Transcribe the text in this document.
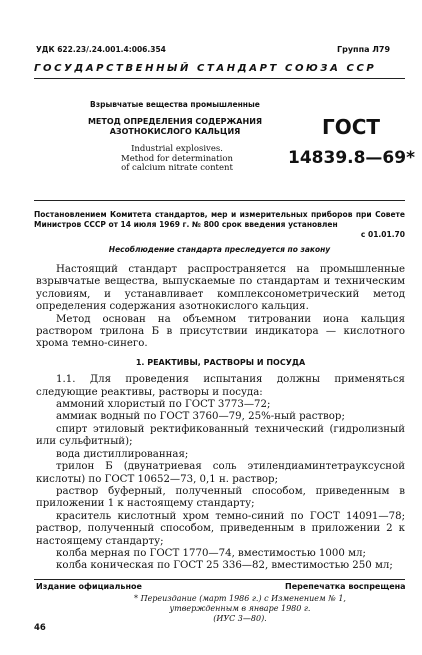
УДК 622.23/.24.001.4:006.354	Группа Л79
ГОСУДАРСТВЕННЫЙ СТАНДАРТ СОЮЗА ССР
Взрывчатые вещества промышленные
МЕТОД ОПРЕДЕЛЕНИЯ СОДЕРЖАНИЯ АЗОТНОКИСЛОГО КАЛЬЦИЯ
Industrial explosives. Method for determination of calcium nitrate content
ГОСТ
14839.8—69*
Постановлением Комитета стандартов, мер и измерительных приборов при Совете Министров СССР от 14 июля 1969 г. № 800 срок введения установлен
с 01.01.70
Несоблюдение стандарта преследуется по закону

Настоящий стандарт распространяется на промышленные взрывчатые вещества, выпускаемые по стандартам и техническим условиям, и устанавливает комплексонометрический метод определения содержания азотнокислого кальция.

Метод основан на объемном титровании иона кальция раствором трилона Б в присутствии индикатора — кислотного хрома темно-синего.

1. РЕАКТИВЫ, РАСТВОРЫ И ПОСУДА

1.1. Для проведения испытания должны применяться следующие реактивы, растворы и посуда:

аммоний хлористый по ГОСТ 3773—72;

аммиак водный по ГОСТ 3760—79, 25%-ный раствор;

спирт этиловый ректификованный технический (гидролизный или сульфитный);

вода дистиллированная;

трилон Б (двунатриевая соль этилендиаминтетрауксусной кислоты) по ГОСТ 10652—73, 0,1 н. раствор;

раствор буферный, полученный способом, приведенным в приложении 1 к настоящему стандарту;

краситель кислотный хром темно-синий по ГОСТ 14091—78; раствор, полученный способом, приведенным в приложении 2 к настоящему стандарту;

колба мерная по ГОСТ 1770—74, вместимостью 1000 мл;

колба коническая по ГОСТ 25 336—82, вместимостью 250 мл;

Издание официальное	Перепечатка воспрещена
* Переиздание (март 1986 г.) с Изменением № 1,
утвержденным в январе 1980 г.
(ИУС 3—80).
46
